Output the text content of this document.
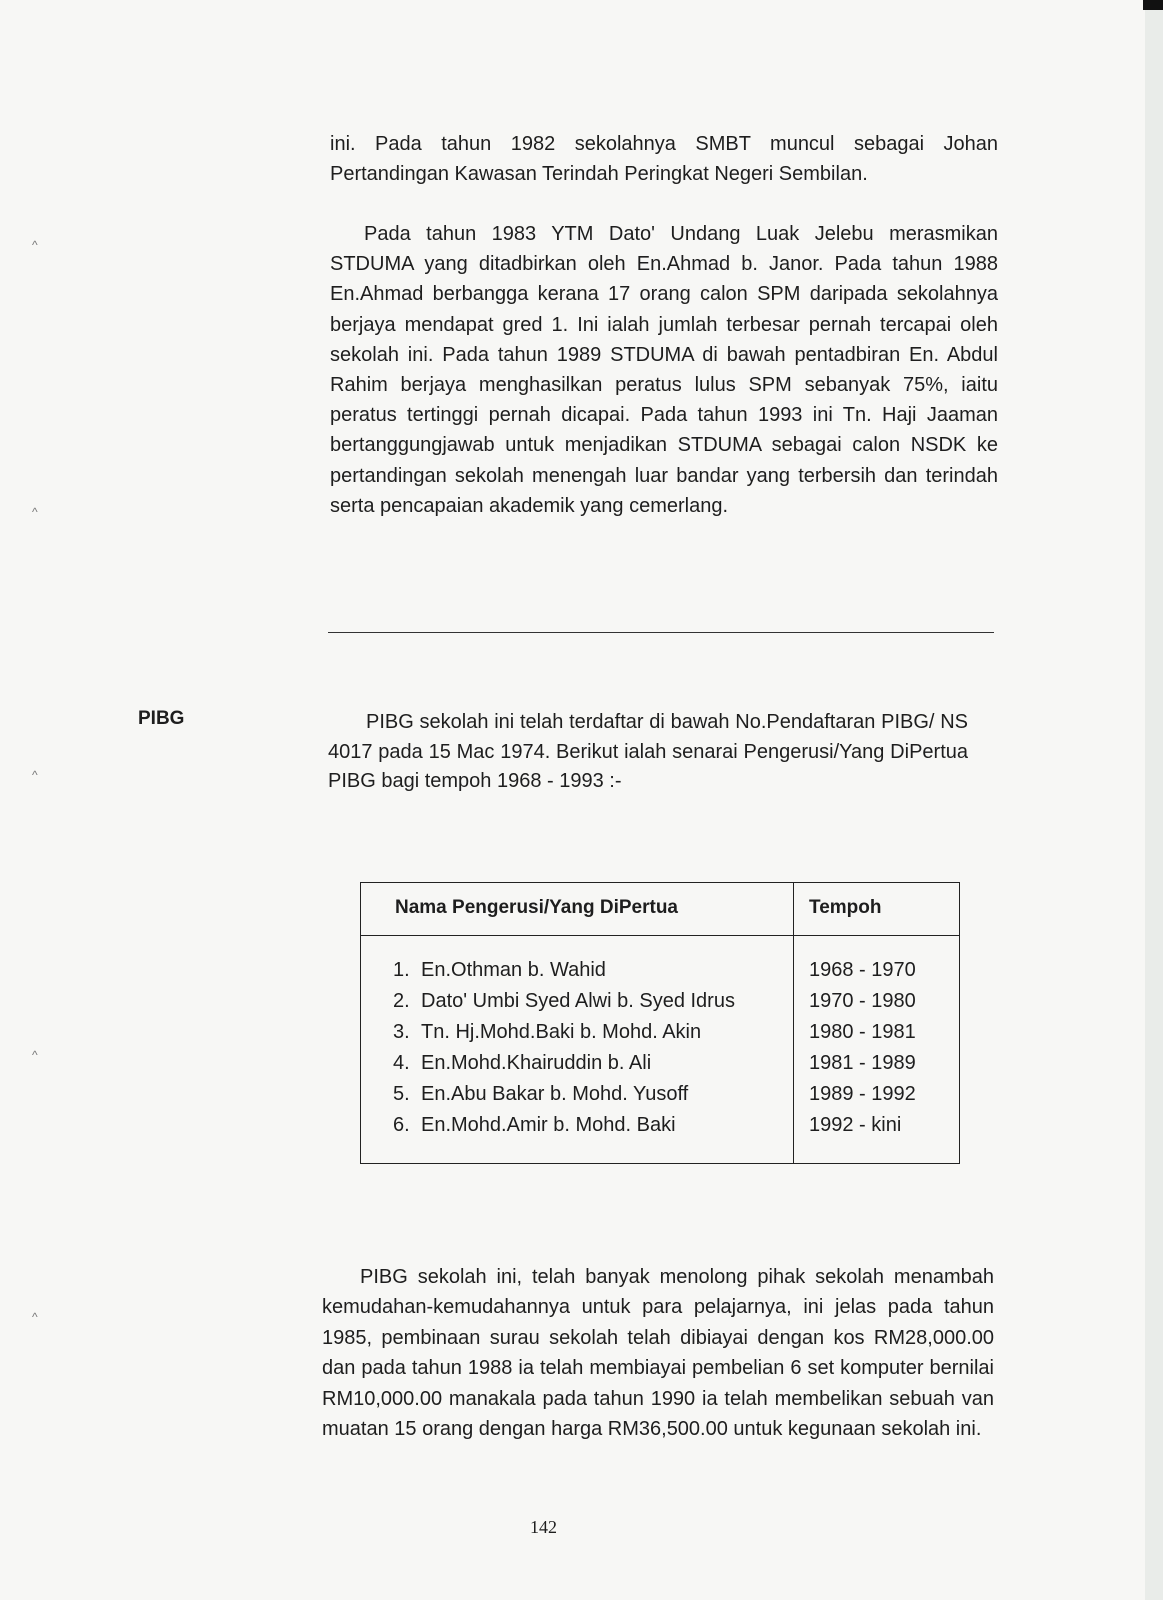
^
^
^
^
^

ini. Pada tahun 1982 sekolahnya SMBT muncul sebagai Johan Pertandingan Kawasan Terindah Peringkat Negeri Sembilan.

Pada tahun 1983 YTM Dato' Undang Luak Jelebu merasmikan STDUMA yang ditadbirkan oleh En.Ahmad b. Janor. Pada tahun 1988 En.Ahmad berbangga kerana 17 orang calon SPM daripada sekolahnya berjaya mendapat gred 1. Ini ialah jumlah terbesar pernah tercapai oleh sekolah ini. Pada tahun 1989 STDUMA di bawah pentadbiran En. Abdul Rahim berjaya menghasilkan peratus lulus SPM sebanyak 75%, iaitu peratus tertinggi pernah dicapai. Pada tahun 1993 ini Tn. Haji Jaaman bertanggungjawab untuk menjadikan STDUMA sebagai calon NSDK ke pertandingan sekolah menengah luar bandar yang terbersih dan terindah serta pencapaian akademik yang cemerlang.

PIBG	PIBG sekolah ini telah terdaftar di bawah No.Pendaftaran PIBG/ NS 4017 pada 15 Mac 1974. Berikut ialah senarai Pengerusi/Yang DiPertua PIBG bagi tempoh 1968 - 1993 :-

Nama Pengerusi/Yang DiPertua	Tempoh

1. En.Othman b. Wahid	1968 - 1970
2. Dato' Umbi Syed Alwi b. Syed Idrus	1970 - 1980
3. Tn. Hj.Mohd.Baki b. Mohd. Akin	1980 - 1981
4. En.Mohd.Khairuddin b. Ali	1981 - 1989
5. En.Abu Bakar b. Mohd. Yusoff	1989 - 1992
6. En.Mohd.Amir b. Mohd. Baki	1992 - kini

PIBG sekolah ini, telah banyak menolong pihak sekolah menambah kemudahan-kemudahannya untuk para pelajarnya, ini jelas pada tahun 1985, pembinaan surau sekolah telah dibiayai dengan kos RM28,000.00 dan pada tahun 1988 ia telah membiayai pembelian 6 set komputer bernilai RM10,000.00 manakala pada tahun 1990 ia telah membelikan sebuah van muatan 15 orang dengan harga RM36,500.00 untuk kegunaan sekolah ini.

142
